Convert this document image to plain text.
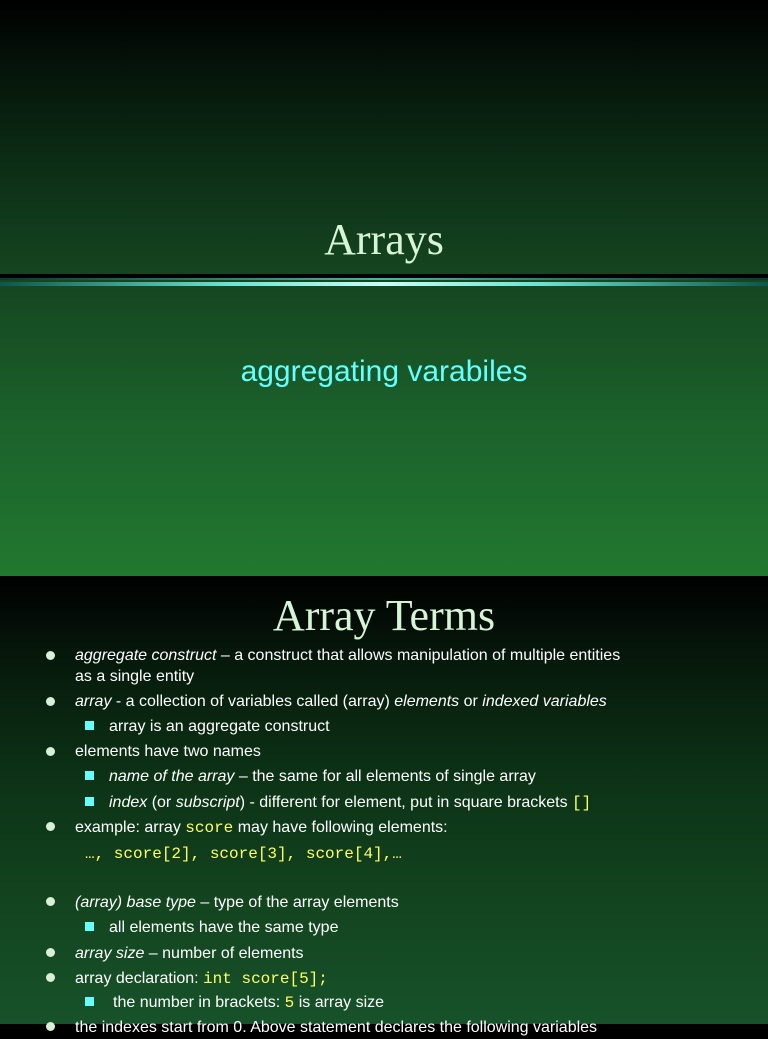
Arrays
aggregating varabiles
Array Terms
aggregate construct – a construct that allows manipulation of multiple entities
as a single entity
array - a collection of variables called (array) elements or indexed variables
array is an aggregate construct
elements have two names
name of the array – the same for all elements of single array
index (or subscript) - different for element, put in square brackets []
example: array score may have following elements:
…, score[2], score[3], score[4],…
(array) base type – type of the array elements
all elements have the same type
array size – number of elements
array declaration: int score[5];
the number in brackets: 5 is array size
the indexes start from 0. Above statement declares the following variables
